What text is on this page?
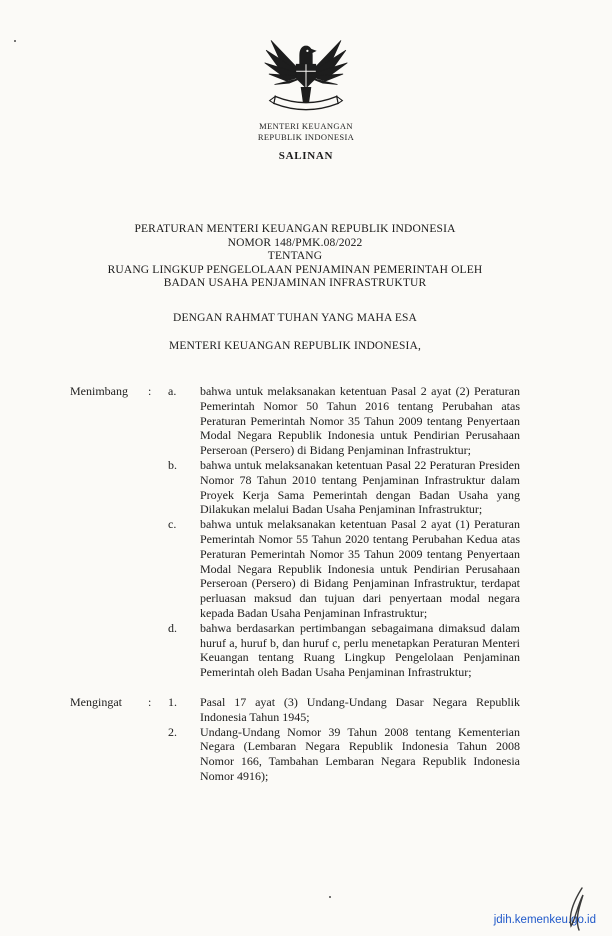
MENTERI KEUANGAN
REPUBLIK INDONESIA
SALINAN
PERATURAN MENTERI KEUANGAN REPUBLIK INDONESIA
NOMOR 148/PMK.08/2022
TENTANG
RUANG LINGKUP PENGELOLAAN PENJAMINAN PEMERINTAH OLEH
BADAN USAHA PENJAMINAN INFRASTRUKTUR
DENGAN RAHMAT TUHAN YANG MAHA ESA
MENTERI KEUANGAN REPUBLIK INDONESIA,
Menimbang	:	a.	bahwa untuk melaksanakan ketentuan Pasal 2 ayat (2) Peraturan Pemerintah Nomor 50 Tahun 2016 tentang Perubahan atas Peraturan Pemerintah Nomor 35 Tahun 2009 tentang Penyertaan Modal Negara Republik Indonesia untuk Pendirian Perusahaan Perseroan (Persero) di Bidang Penjaminan Infrastruktur;
b.	bahwa untuk melaksanakan ketentuan Pasal 22 Peraturan Presiden Nomor 78 Tahun 2010 tentang Penjaminan Infrastruktur dalam Proyek Kerja Sama Pemerintah dengan Badan Usaha yang Dilakukan melalui Badan Usaha Penjaminan Infrastruktur;
c.	bahwa untuk melaksanakan ketentuan Pasal 2 ayat (1) Peraturan Pemerintah Nomor 55 Tahun 2020 tentang Perubahan Kedua atas Peraturan Pemerintah Nomor 35 Tahun 2009 tentang Penyertaan Modal Negara Republik Indonesia untuk Pendirian Perusahaan Perseroan (Persero) di Bidang Penjaminan Infrastruktur, terdapat perluasan maksud dan tujuan dari penyertaan modal negara kepada Badan Usaha Penjaminan Infrastruktur;
d.	bahwa berdasarkan pertimbangan sebagaimana dimaksud dalam huruf a, huruf b, dan huruf c, perlu menetapkan Peraturan Menteri Keuangan tentang Ruang Lingkup Pengelolaan Penjaminan Pemerintah oleh Badan Usaha Penjaminan Infrastruktur;
Mengingat	:	1.	Pasal 17 ayat (3) Undang-Undang Dasar Negara Republik Indonesia Tahun 1945;
2.	Undang-Undang Nomor 39 Tahun 2008 tentang Kementerian Negara (Lembaran Negara Republik Indonesia Tahun 2008 Nomor 166, Tambahan Lembaran Negara Republik Indonesia Nomor 4916);
jdih.kemenkeu.go.id
